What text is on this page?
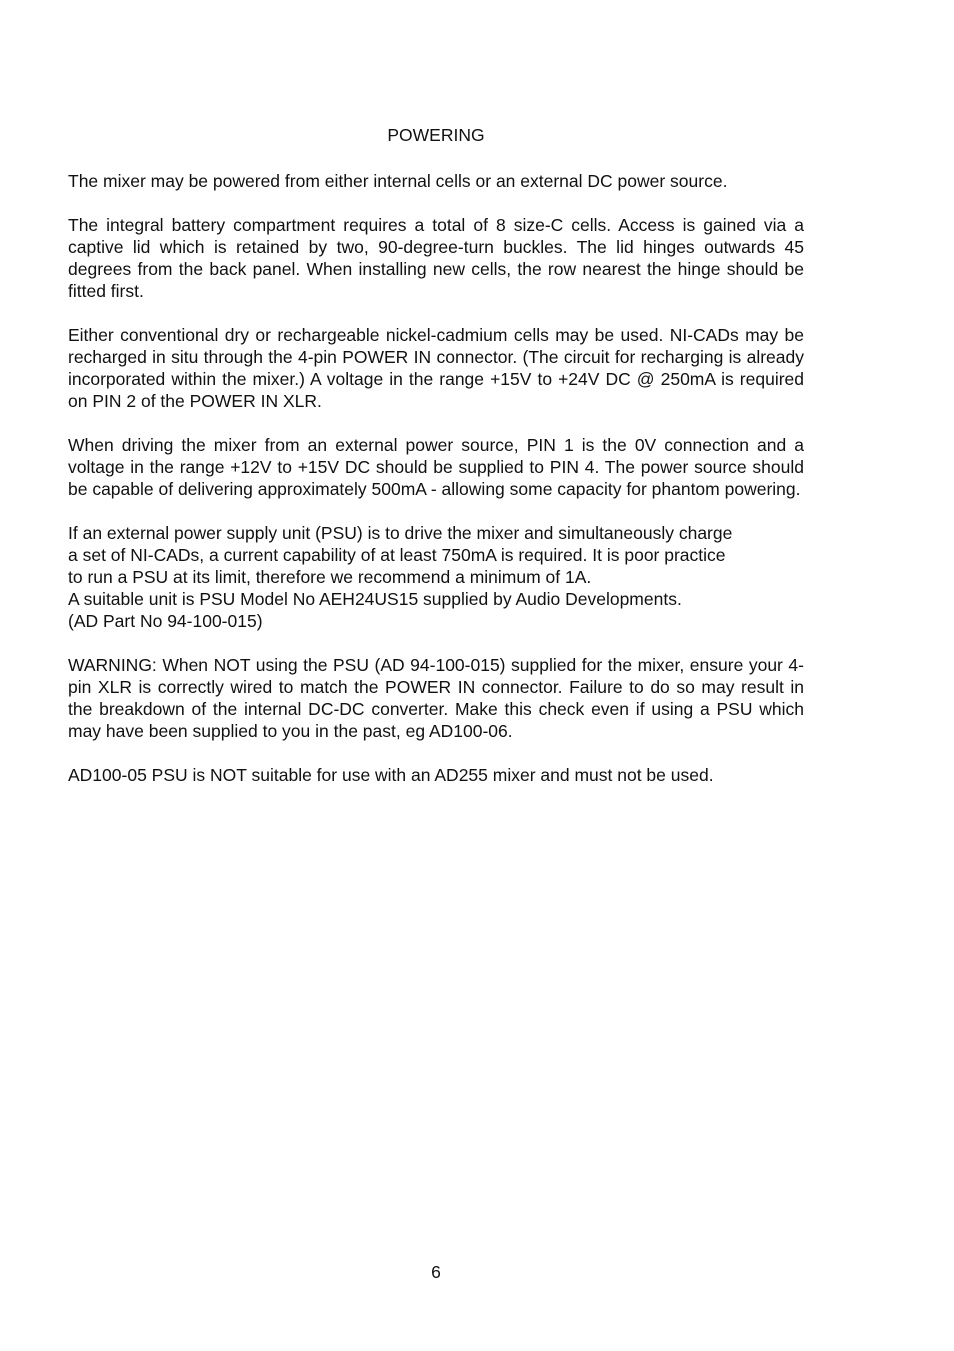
POWERING

The mixer may be powered from either internal cells or an external DC power source.

The integral battery compartment requires a total of 8 size-C cells. Access is gained via a captive lid which is retained by two, 90-degree-turn buckles. The lid hinges outwards 45 degrees from the back panel. When installing new cells, the row nearest the hinge should be fitted first.

Either conventional dry or rechargeable nickel-cadmium cells may be used. NI-CADs may be recharged in situ through the 4-pin POWER IN connector. (The circuit for recharging is already incorporated within the mixer.) A voltage in the range +15V to +24V DC @ 250mA is required on PIN 2 of the POWER IN XLR.

When driving the mixer from an external power source, PIN 1 is the 0V connection and a voltage in the range +12V to +15V DC should be supplied to PIN 4. The power source should be capable of delivering approximately 500mA - allowing some capacity for phantom powering.

If an external power supply unit (PSU) is to drive the mixer and simultaneously charge
a set of NI-CADs, a current capability of at least 750mA is required. It is poor practice
to run a PSU at its limit, therefore we recommend a minimum of 1A.
A suitable unit is PSU Model No AEH24US15 supplied by Audio Developments.
(AD Part No 94-100-015)

WARNING: When NOT using the PSU (AD 94-100-015) supplied for the mixer, ensure your 4-pin XLR is correctly wired to match the POWER IN connector. Failure to do so may result in the breakdown of the internal DC-DC converter. Make this check even if using a PSU which may have been supplied to you in the past, eg AD100-06.

AD100-05 PSU is NOT suitable for use with an AD255 mixer and must not be used.

6
